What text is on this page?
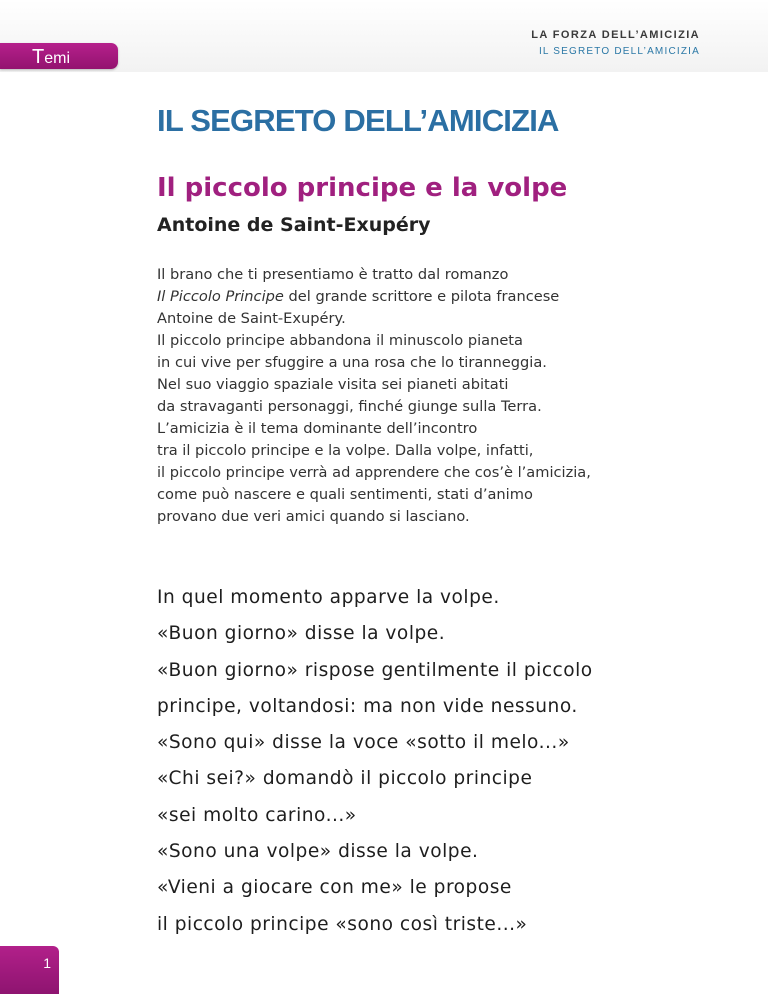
Temi
LA FORZA DELL’AMICIZIA
IL SEGRETO DELL’AMICIZIA
IL SEGRETO DELL’AMICIZIA
Il piccolo principe e la volpe
Antoine de Saint-Exupéry

Il brano che ti presentiamo è tratto dal romanzo

Il Piccolo Principe del grande scrittore e pilota francese

Antoine de Saint-Exupéry.

Il piccolo principe abbandona il minuscolo pianeta

in cui vive per sfuggire a una rosa che lo tiranneggia.

Nel suo viaggio spaziale visita sei pianeti abitati

da stravaganti personaggi, finché giunge sulla Terra.

L’amicizia è il tema dominante dell’incontro

tra il piccolo principe e la volpe. Dalla volpe, infatti,

il piccolo principe verrà ad apprendere che cos’è l’amicizia,

come può nascere e quali sentimenti, stati d’animo

provano due veri amici quando si lasciano.

In quel momento apparve la volpe.

«Buon giorno» disse la volpe.

«Buon giorno» rispose gentilmente il piccolo

principe, voltandosi: ma non vide nessuno.

«Sono qui» disse la voce «sotto il melo...»

«Chi sei?» domandò il piccolo principe

«sei molto carino...»

«Sono una volpe» disse la volpe.

«Vieni a giocare con me» le propose

il piccolo principe «sono così triste...»

1
